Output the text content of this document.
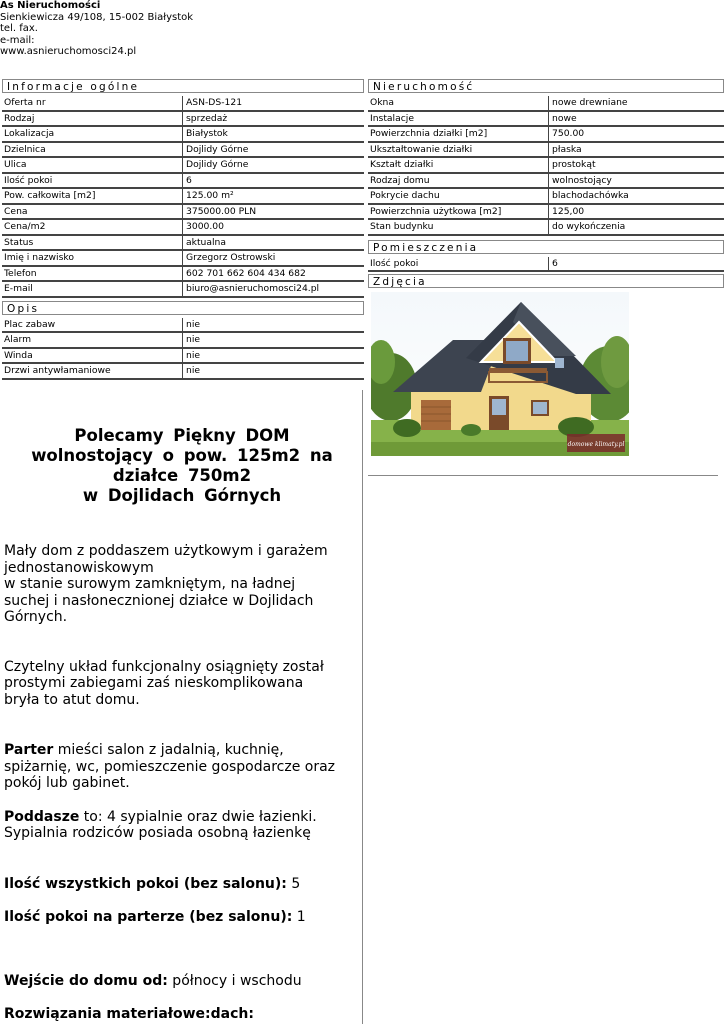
As Nieruchomości
Sienkiewicza 49/108, 15-002 Białystok
tel. fax.
e-mail:
www.asnieruchomosci24.pl
Informacje ogólne
Oferta nr	ASN-DS-121
Rodzaj	sprzedaż
Lokalizacja	Białystok
Dzielnica	Dojlidy Górne
Ulica	Dojlidy Górne
Ilość pokoi	6
Pow. całkowita [m2]	125.00 m²
Cena	375000.00 PLN
Cena/m2	3000.00
Status	aktualna
Imię i nazwisko	Grzegorz Ostrowski
Telefon	602 701 662 604 434 682
E-mail	biuro@asnieruchomosci24.pl
Opis
Plac zabaw	nie
Alarm	nie
Winda	nie
Drzwi antywłamaniowe	nie
Nieruchomość
Okna	nowe drewniane
Instalacje	nowe
Powierzchnia działki [m2]	750.00
Ukształtowanie działki	płaska
Kształt działki	prostokąt
Rodzaj domu	wolnostojący
Pokrycie dachu	blachodachówka
Powierzchnia użytkowa [m2]	125,00
Stan budynku	do wykończenia
Pomieszczenia
Ilość pokoi	6
Zdjęcia
domowe klimaty.pl
Polecamy Piękny DOM
wolnostojący o pow. 125m2 na
działce 750m2
w Dojlidach Górnych
Mały dom z poddaszem użytkowym i garażem
jednostanowiskowym
w stanie surowym zamkniętym, na ładnej
suchej i nasłonecznionej działce w Dojlidach
Górnych.
Czytelny układ funkcjonalny osiągnięty został
prostymi zabiegami zaś nieskomplikowana
bryła to atut domu.
Parter mieści salon z jadalnią, kuchnię,
spiżarnię, wc, pomieszczenie gospodarcze oraz
pokój lub gabinet.
Poddasze to: 4 sypialnie oraz dwie łazienki.
Sypialnia rodziców posiada osobną łazienkę
Ilość wszystkich pokoi (bez salonu): 5
Ilość pokoi na parterze (bez salonu): 1
Wejście do domu od: północy i wschodu
Rozwiązania materiałowe:dach:
